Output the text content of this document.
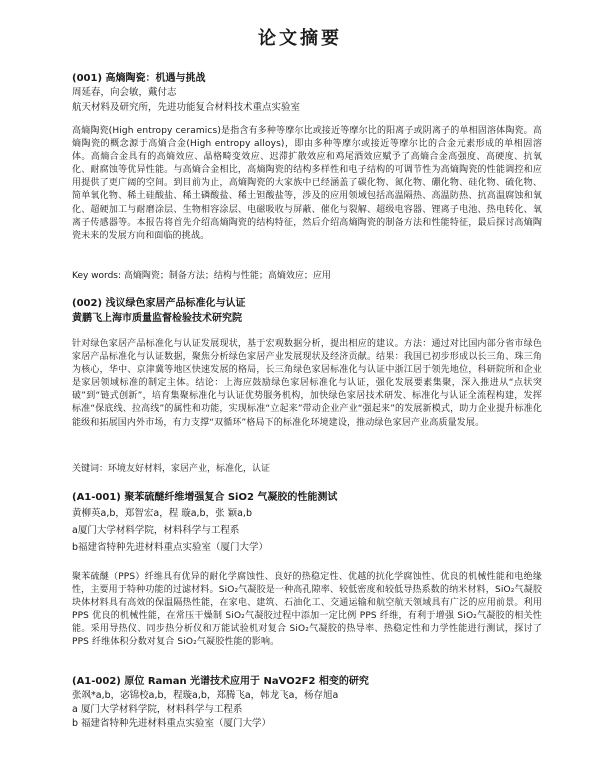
论文摘要
(001) 高熵陶瓷：机遇与挑战
周延春，向会敏，戴付志
航天材料及研究所，先进功能复合材料技术重点实验室
高熵陶瓷(High entropy ceramics)是指含有多种等摩尔比或接近等摩尔比的阳离子或阴离子的单相固溶体陶瓷。高熵陶瓷的概念源于高熵合金(High entropy alloys)，即由多种等摩尔或接近等摩尔比的合金元素形成的单相固溶体。高熵合金具有的高熵效应、晶格畸变效应、迟滞扩散效应和鸡尾酒效应赋予了高熵合金高强度、高硬度、抗氧化、耐腐蚀等优异性能。与高熵合金相比，高熵陶瓷的结构多样性和电子结构的可调节性为高熵陶瓷的性能调控和应用提供了更广阔的空间。到目前为止，高熵陶瓷的大家族中已经涵盖了碳化物、氮化物、硼化物、硅化物、硫化物、简单氧化物、稀土硅酸盐、稀土磷酸盐、稀土钽酸盐等，涉及的应用领域包括高温隔热、高温防热、抗高温腐蚀和氧化、超硬加工与耐磨涂层、生物相容涂层、电磁吸收与屏蔽、催化与裂解、超级电容器、锂离子电池、热电转化、氧离子传感器等。本报告将首先介绍高熵陶瓷的结构特征，然后介绍高熵陶瓷的制备方法和性能特征，最后探讨高熵陶瓷未来的发展方向和面临的挑战。
Key words: 高熵陶瓷；制备方法；结构与性能；高熵效应；应用
(002) 浅议绿色家居产品标准化与认证
黄鹏飞上海市质量监督检验技术研究院
针对绿色家居产品标准化与认证发展现状，基于宏观数据分析，提出相应的建议。方法：通过对比国内部分省市绿色家居产品标准化与认证数据，聚焦分析绿色家居产业发展现状及经济贡献。结果：我国已初步形成以长三角、珠三角为核心，华中、京津冀等地区快速发展的格局，长三角绿色家居标准化与认证中浙江居于领先地位，科研院所和企业是家居领域标准的制定主体。结论：上海应鼓励绿色家居标准化与认证，强化发展要素集聚，深入推进从“点状突破”到“链式创新”，培育集聚标准化与认证优势服务机构，加快绿色家居技术研发、标准化与认证全流程构建，发挥标准“保底线、拉高线”的属性和功能，实现标准“立起来”带动企业产业“强起来”的发展新模式，助力企业提升标准化能级和拓展国内外市场，有力支撑“双循环”格局下的标准化环境建设，推动绿色家居产业高质量发展。
关键词：环境友好材料，家居产业，标准化，认证
(A1-001) 聚苯硫醚纤维增强复合 SiO2 气凝胶的性能测试
黄柳英a,b，郑智宏a，程 璇a,b，张 颖a,b
a厦门大学材料学院，材料科学与工程系
b福建省特种先进材料重点实验室（厦门大学）
聚苯硫醚（PPS）纤维具有优异的耐化学腐蚀性、良好的热稳定性、优越的抗化学腐蚀性、优良的机械性能和电绝缘性，主要用于特种功能的过滤材料。SiO₂气凝胶是一种高孔隙率、较低密度和较低导热系数的纳米材料，SiO₂气凝胶块体材料具有高效的保温隔热性能，在家电、建筑、石油化工、交通运输和航空航天领域具有广泛的应用前景。利用 PPS 优良的机械性能，在常压干燥制 SiO₂气凝胶过程中添加一定比例 PPS 纤维，有利于增强 SiO₂气凝胶的相关性能。采用导热仪、同步热分析仪和万能试验机对复合 SiO₂气凝胶的热导率、热稳定性和力学性能进行测试，探讨了 PPS 纤维体积分数对复合 SiO₂气凝胶性能的影响。
(A1-002) 原位 Raman 光谱技术应用于 NaVO2F2 相变的研究
张飒*a,b，宓锦校a,b，程璇a,b，郑腾飞a，韩龙飞a，杨存旭a
a 厦门大学材料学院，材料科学与工程系
b 福建省特种先进材料重点实验室（厦门大学）
